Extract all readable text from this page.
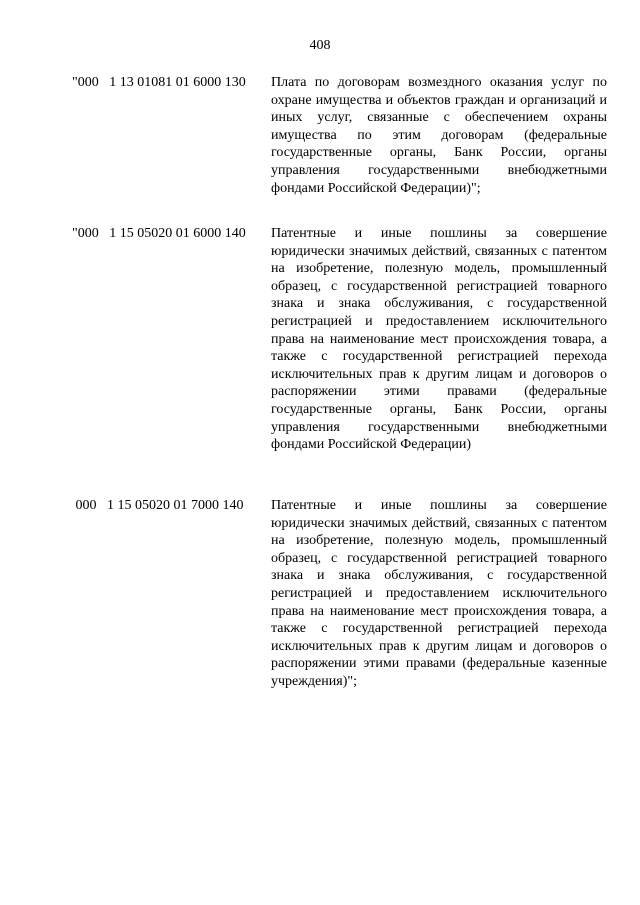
408
"000   1 13 01081 01 6000 130 Плата по договорам возмездного оказания услуг по охране имущества и объектов граждан и организаций и иных услуг, связанные с обеспечением охраны имущества по этим договорам (федеральные государственные органы, Банк России, органы управления государственными внебюджетными фондами Российской Федерации)";
"000   1 15 05020 01 6000 140 Патентные и иные пошлины за совершение юридически значимых действий, связанных с патентом на изобретение, полезную модель, промышленный образец, с государственной регистрацией товарного знака и знака обслуживания, с государственной регистрацией и предоставлением исключительного права на наименование мест происхождения товара, а также с государственной регистрацией перехода исключительных прав к другим лицам и договоров о распоряжении этими правами (федеральные государственные органы, Банк России, органы управления государственными внебюджетными фондами Российской Федерации)
000   1 15 05020 01 7000 140 Патентные и иные пошлины за совершение юридически значимых действий, связанных с патентом на изобретение, полезную модель, промышленный образец, с государственной регистрацией товарного знака и знака обслуживания, с государственной регистрацией и предоставлением исключительного права на наименование мест происхождения товара, а также с государственной регистрацией перехода исключительных прав к другим лицам и договоров о распоряжении этими правами (федеральные казенные учреждения)";
